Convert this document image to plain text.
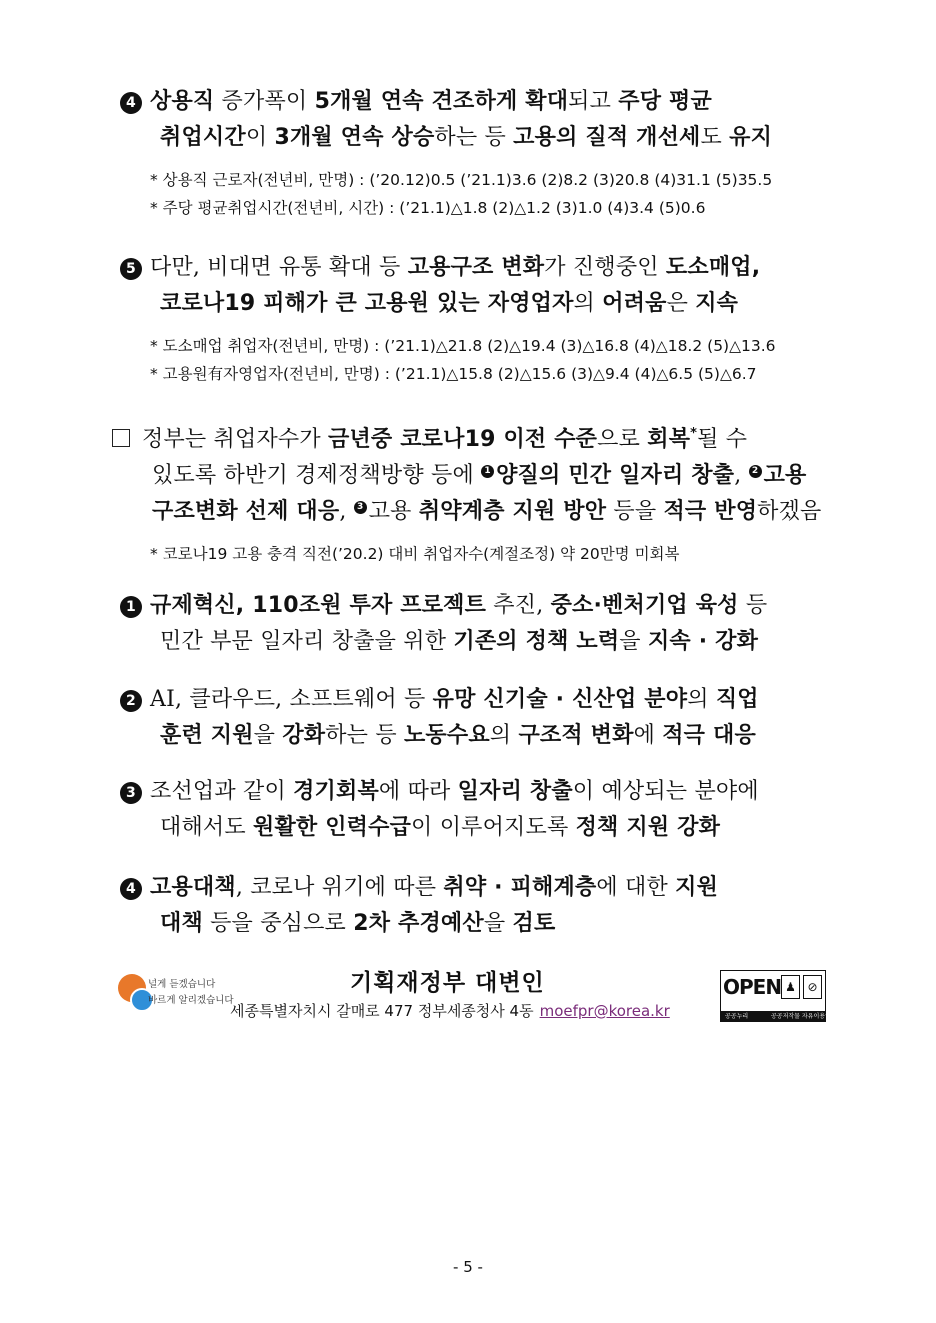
4 상용직 증가폭이 5개월 연속 견조하게 확대되고 주당 평균
취업시간이 3개월 연속 상승하는 등 고용의 질적 개선세도 유지
* 상용직 근로자(전년비, 만명) : (’20.12)0.5 (’21.1)3.6 (2)8.2 (3)20.8 (4)31.1 (5)35.5
* 주당 평균취업시간(전년비, 시간) : (’21.1)△1.8 (2)△1.2 (3)1.0 (4)3.4 (5)0.6
5 다만, 비대면 유통 확대 등 고용구조 변화가 진행중인 도소매업,
코로나19 피해가 큰 고용원 있는 자영업자의 어려움은 지속
* 도소매업 취업자(전년비, 만명) : (’21.1)△21.8 (2)△19.4 (3)△16.8 (4)△18.2 (5)△13.6
* 고용원有자영업자(전년비, 만명) : (’21.1)△15.8 (2)△15.6 (3)△9.4 (4)△6.5 (5)△6.7
정부는 취업자수가 금년중 코로나19 이전 수준으로 회복*될 수
있도록 하반기 경제정책방향 등에 1 양질의 민간 일자리 창출, 2 고용
구조변화 선제 대응, 3 고용 취약계층 지원 방안 등을 적극 반영하겠음
* 코로나19 고용 충격 직전(’20.2) 대비 취업자수(계절조정) 약 20만명 미회복
1 규제혁신, 110조원 투자 프로젝트 추진, 중소·벤처기업 육성 등
민간 부문 일자리 창출을 위한 기존의 정책 노력을 지속 · 강화
2 AI, 클라우드, 소프트웨어 등 유망 신기술 · 신산업 분야의 직업
훈련 지원을 강화하는 등 노동수요의 구조적 변화에 적극 대응
3 조선업과 같이 경기회복에 따라 일자리 창출이 예상되는 분야에
대해서도 원활한 인력수급이 이루어지도록 정책 지원 강화
4 고용대책, 코로나 위기에 따른 취약 · 피해계층에 대한 지원
대책 등을 중심으로 2차 추경예산을 검토
널게 듣겠습니다
바르게 알리겠습니다
기획재정부 대변인
세종특별자치시 갈매로 477 정부세종청사 4동 moefpr@korea.kr
OPEN ♟ ⊘
공공누리	공공저작물 자유이용허락
- 5 -
